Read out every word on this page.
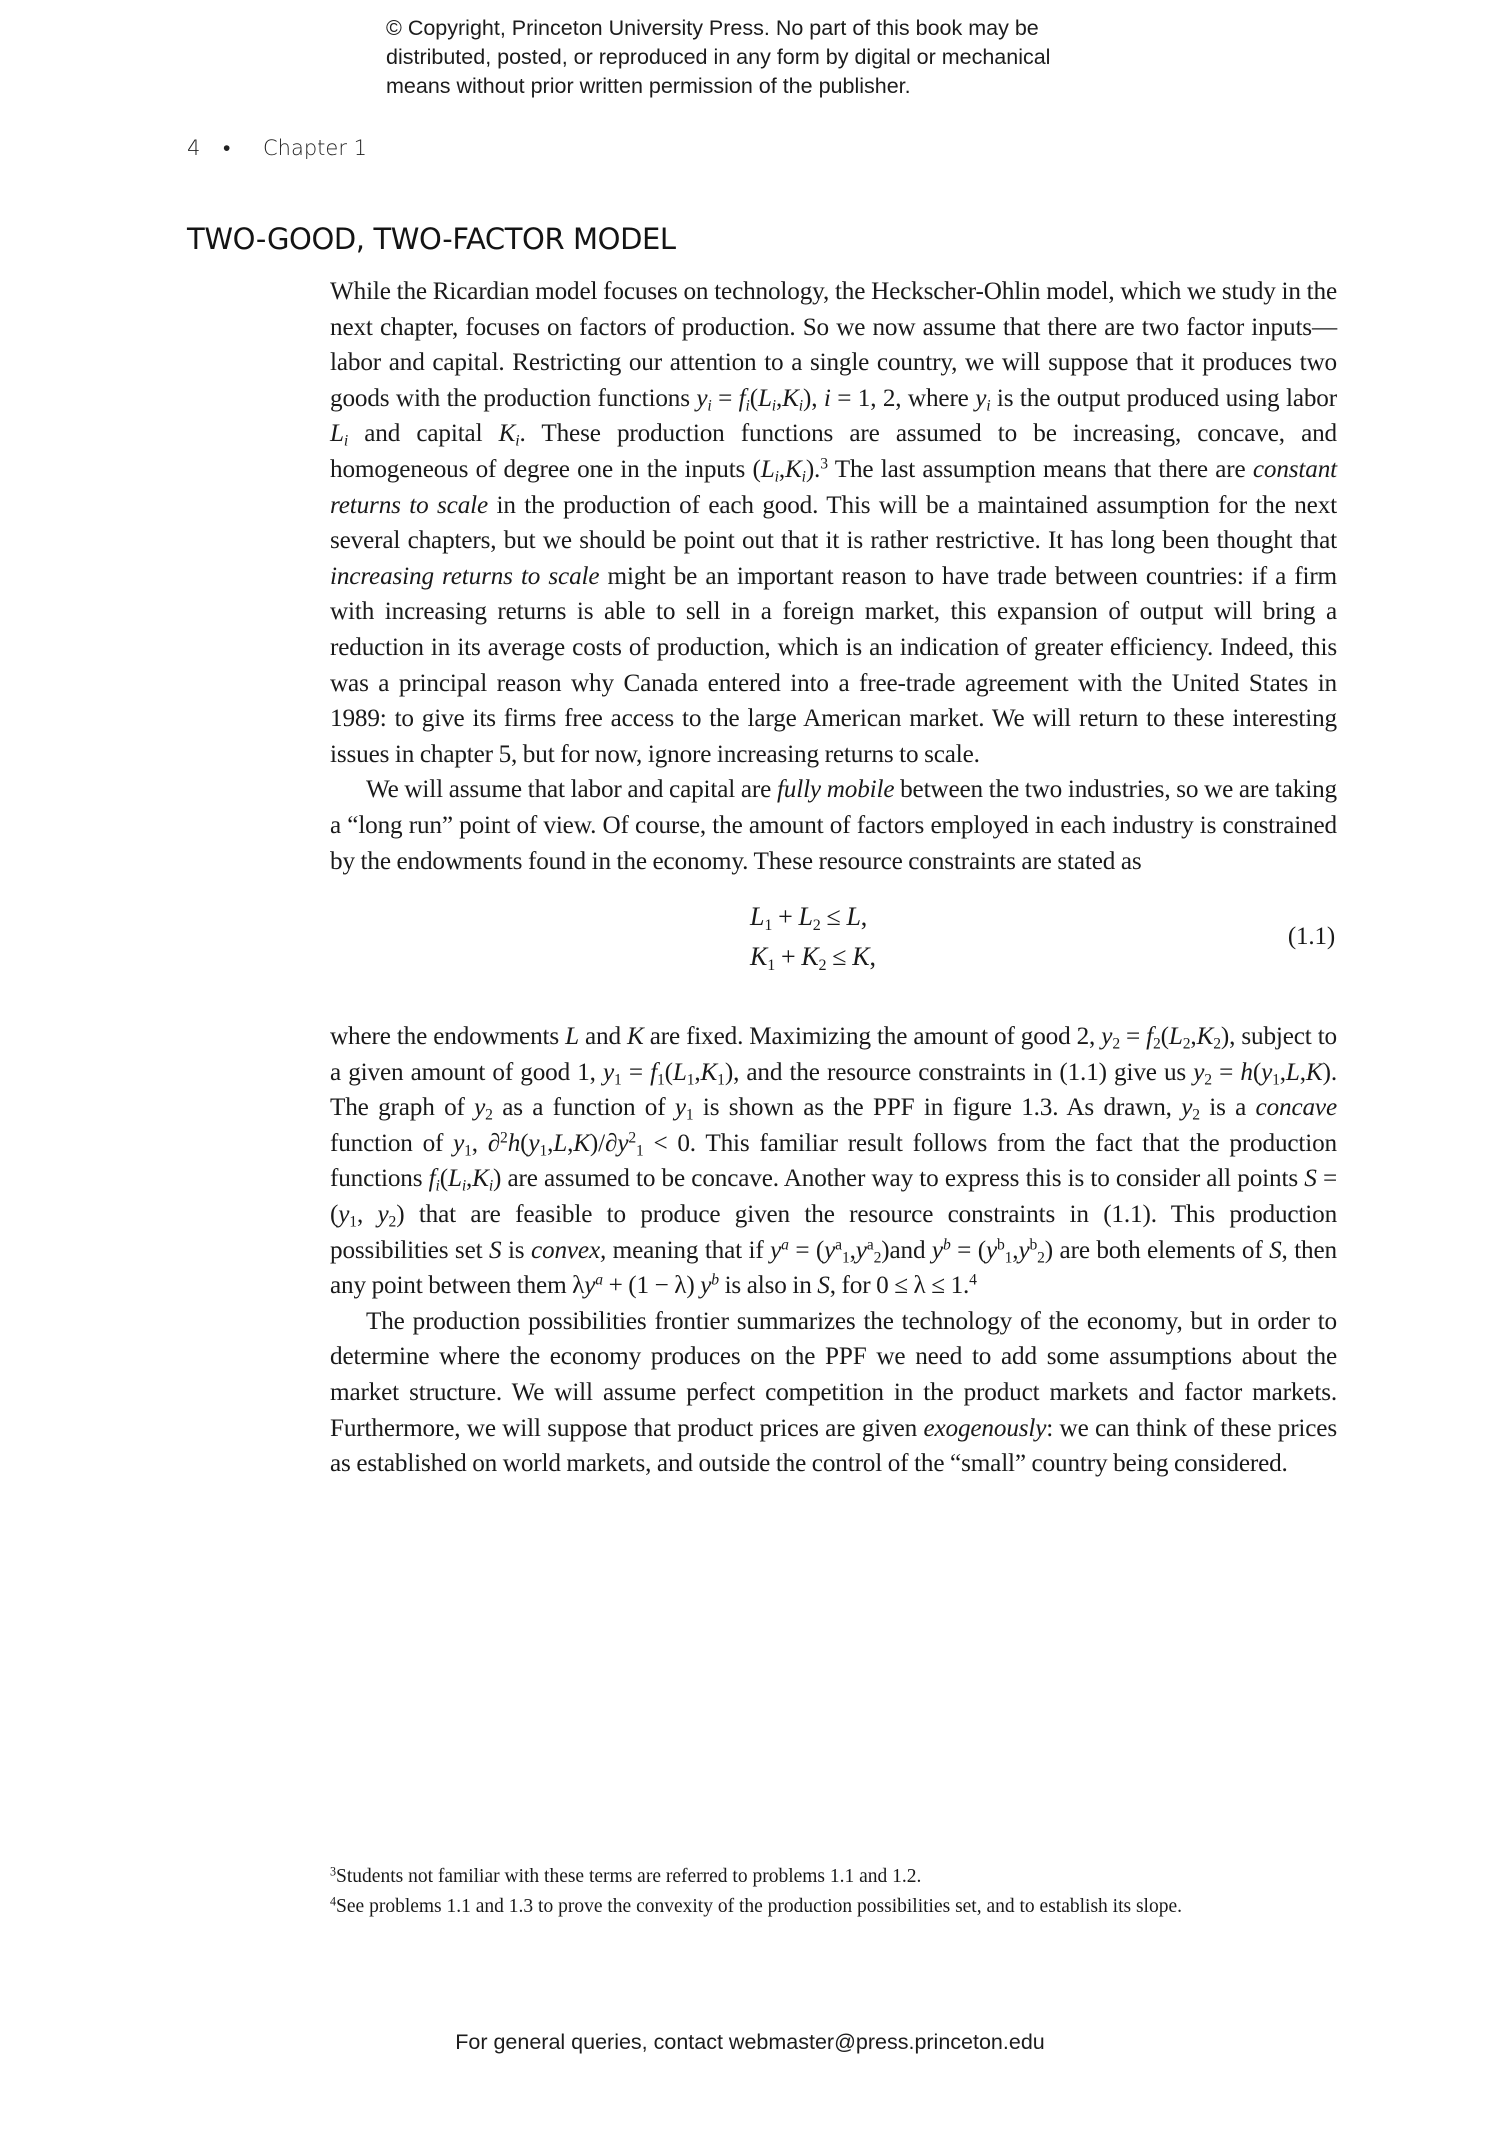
© Copyright, Princeton University Press. No part of this book may be
distributed, posted, or reproduced in any form by digital or mechanical
means without prior written permission of the publisher.
4 • Chapter 1
TWO-GOOD, TWO-FACTOR MODEL

While the Ricardian model focuses on technology, the Heckscher-Ohlin model, which we study in the next chapter, focuses on factors of production. So we now assume that there are two factor inputs—labor and capital. Restricting our attention to a single country, we will suppose that it produces two goods with the production functions $y_i = f_i(L_i,K_i)$, i = 1, 2, where $y_i$ is the output produced using labor $L_i$ and capital $K_i$. These production functions are assumed to be increasing, concave, and homogeneous of degree one in the inputs $(L_i,K_i).^3$ The last assumption means that there are constant returns to scale in the production of each good. This will be a maintained assumption for the next several chapters, but we should be point out that it is rather restrictive. It has long been thought that increasing returns to scale might be an important reason to have trade between countries: if a firm with increasing returns is able to sell in a foreign market, this expansion of output will bring a reduction in its average costs of production, which is an indication of greater efficiency. Indeed, this was a principal reason why Canada entered into a free-trade agreement with the United States in 1989: to give its firms free access to the large American market. We will return to these interesting issues in chapter 5, but for now, ignore increasing returns to scale.

We will assume that labor and capital are fully mobile between the two industries, so we are taking a “long run” point of view. Of course, the amount of factors employed in each industry is constrained by the endowments found in the economy. These resource constraints are stated as

$L_1 + L_2 \le L$,
$K_1 + K_2 \le K$,
(1.1)

where the endowments L and K are fixed. Maximizing the amount of good 2, $y_2 = f_2(L_2,K_2)$, subject to a given amount of good 1, $y_1 = f_1(L_1,K_1)$, and the resource constraints in (1.1) give us $y_2 = h(y_1,L,K)$. The graph of $y_2$ as a function of $y_1$ is shown as the PPF in figure 1.3. As drawn, $y_2$ is a concave function of $y_1$, $\partial^2h(y_1,L,K)/\partial y^2_1 < 0$. This familiar result follows from the fact that the production functions $f_i(L_i,K_i)$ are assumed to be concave. Another way to express this is to consider all points $S = (y_1$, $y_2$) that are feasible to produce given the resource constraints in (1.1). This production possibilities set S is convex, meaning that if $y^a = (y^a_1,y^a_2)and$ $y^b = (y^b_1,y^b_2)$ are both elements of S, then any point between them $\lambda y^a + (1 - \lambda)$ $y^b$ is also in S, for 0 ≤ λ ≤ 1.$^4$

The production possibilities frontier summarizes the technology of the economy, but in order to determine where the economy produces on the PPF we need to add some assumptions about the market structure. We will assume perfect competition in the product markets and factor markets. Furthermore, we will suppose that product prices are given exogenously: we can think of these prices as established on world markets, and outside the control of the “small” country being considered.

$^3$Students not familiar with these terms are referred to problems 1.1 and 1.2.

$^4$See problems 1.1 and 1.3 to prove the convexity of the production possibilities set, and to establish its slope.

For general queries, contact webmaster@press.princeton.edu
